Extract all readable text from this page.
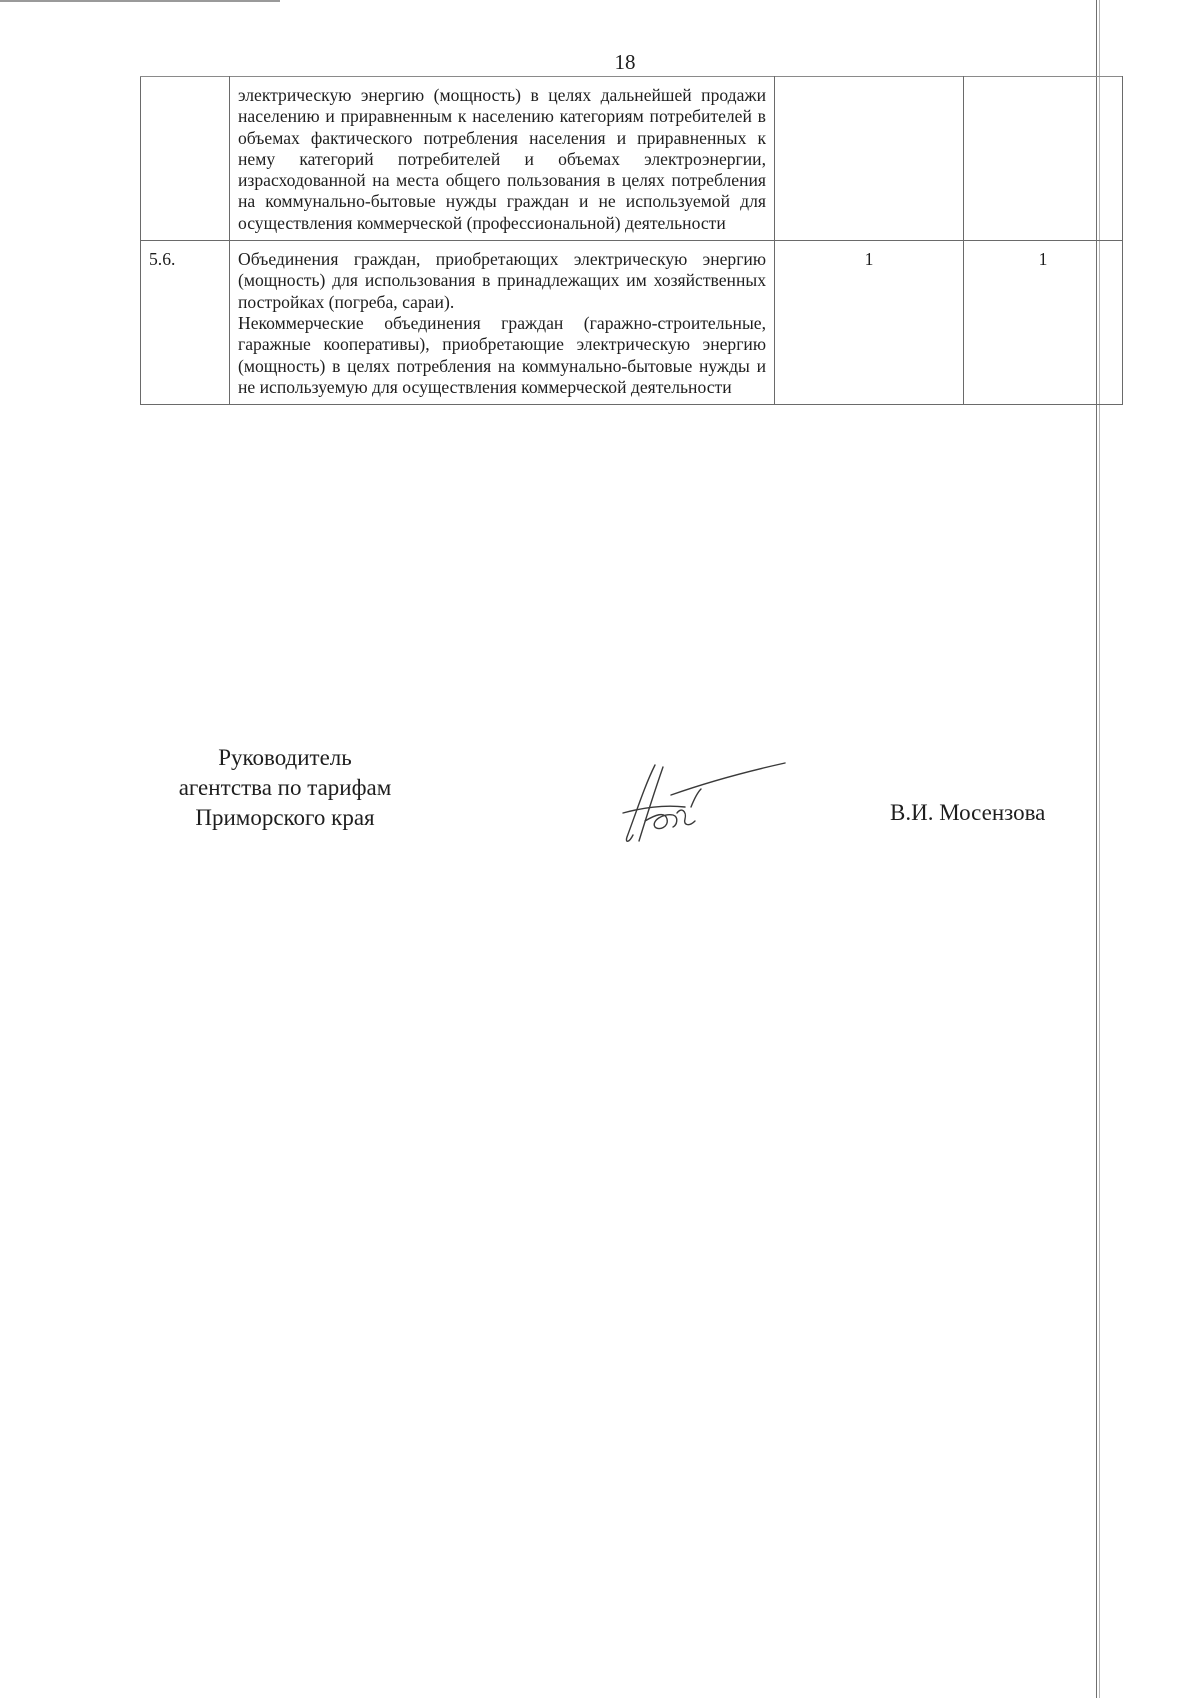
18

	электрическую энергию (мощность) в целях дальнейшей продажи населению и приравненным к населению категориям потребителей в объемах фактического потребления населения и приравненных к нему категорий потребителей и объемах электроэнергии, израсходованной на места общего пользования в целях потребления на коммунально-бытовые нужды граждан и не используемой для осуществления коммерческой (профессиональной) деятельности		

5.6.	Объединения граждан, приобретающих электрическую энергию (мощность) для использования в принадлежащих им хозяйственных постройках (погреба, сараи).
Некоммерческие объединения граждан (гаражно-строительные, гаражные кооперативы), приобретающие электрическую энергию (мощность) в целях потребления на коммунально-бытовые нужды и не используемую для осуществления коммерческой деятельности	1	1
Руководитель
агентства по тарифам
Приморского края	В.И. Мосензова
